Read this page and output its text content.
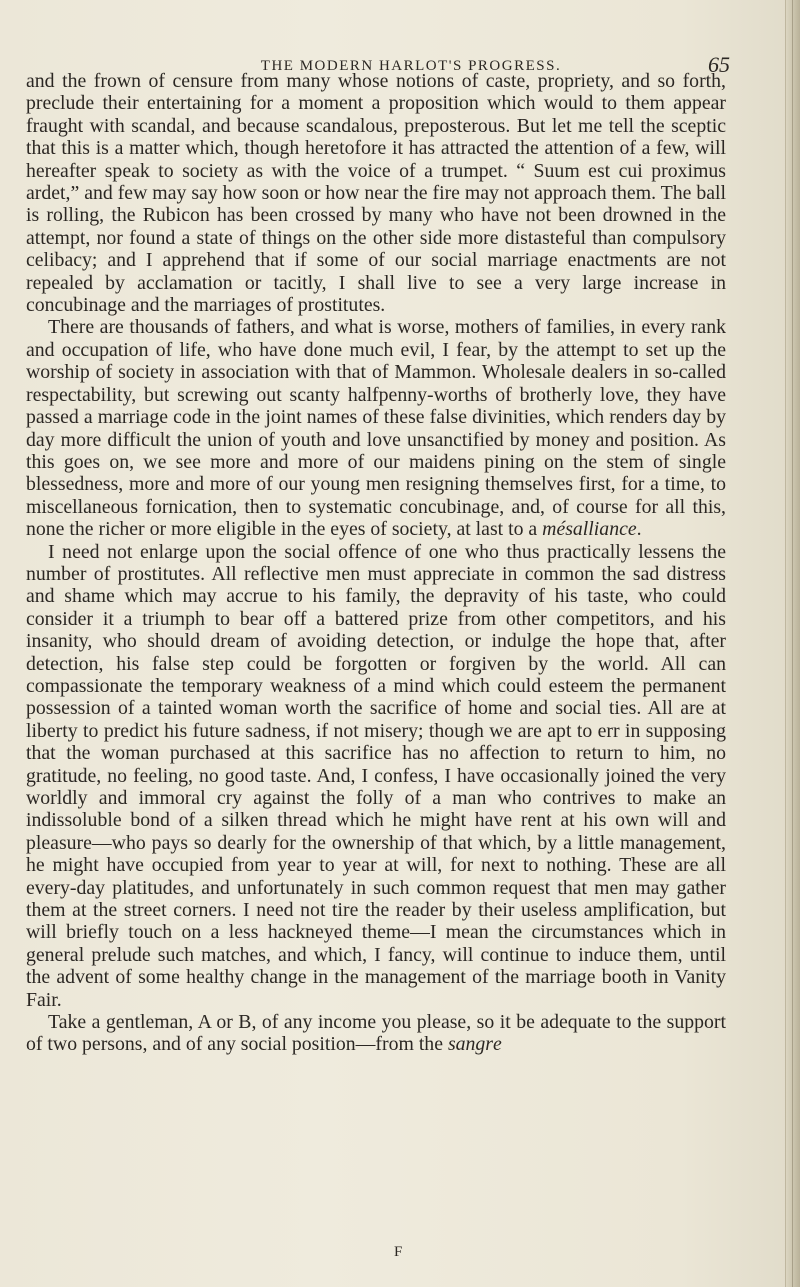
THE MODERN HARLOT'S PROGRESS.	65

and the frown of censure from many whose notions of caste, propriety, and so forth, preclude their entertaining for a moment a proposition which would to them appear fraught with scandal, and because scandalous, preposterous. But let me tell the sceptic that this is a matter which, though heretofore it has attracted the attention of a few, will hereafter speak to society as with the voice of a trumpet. “ Suum est cui proximus ardet,” and few may say how soon or how near the fire may not approach them. The ball is rolling, the Rubicon has been crossed by many who have not been drowned in the attempt, nor found a state of things on the other side more distasteful than compulsory celibacy; and I apprehend that if some of our social marriage enactments are not repealed by acclamation or tacitly, I shall live to see a very large increase in concubinage and the marriages of prostitutes.

There are thousands of fathers, and what is worse, mothers of families, in every rank and occupation of life, who have done much evil, I fear, by the attempt to set up the worship of society in association with that of Mammon. Wholesale dealers in so-called respectability, but screwing out scanty halfpenny-worths of brotherly love, they have passed a marriage code in the joint names of these false divinities, which renders day by day more difficult the union of youth and love unsanctified by money and position. As this goes on, we see more and more of our maidens pining on the stem of single blessedness, more and more of our young men resigning themselves first, for a time, to miscellaneous fornication, then to systematic concubinage, and, of course for all this, none the richer or more eligible in the eyes of society, at last to a mésalliance.

I need not enlarge upon the social offence of one who thus practically lessens the number of prostitutes. All reflective men must appreciate in common the sad distress and shame which may accrue to his family, the depravity of his taste, who could consider it a triumph to bear off a battered prize from other competitors, and his insanity, who should dream of avoiding detection, or indulge the hope that, after detection, his false step could be forgotten or forgiven by the world. All can compassionate the temporary weakness of a mind which could esteem the permanent possession of a tainted woman worth the sacrifice of home and social ties. All are at liberty to predict his future sadness, if not misery; though we are apt to err in supposing that the woman purchased at this sacrifice has no affection to return to him, no gratitude, no feeling, no good taste. And, I confess, I have occasionally joined the very worldly and immoral cry against the folly of a man who contrives to make an indissoluble bond of a silken thread which he might have rent at his own will and pleasure—who pays so dearly for the ownership of that which, by a little management, he might have occupied from year to year at will, for next to nothing. These are all every-day platitudes, and unfortunately in such common request that men may gather them at the street corners. I need not tire the reader by their useless amplification, but will briefly touch on a less hackneyed theme—I mean the circumstances which in general prelude such matches, and which, I fancy, will continue to induce them, until the advent of some healthy change in the management of the marriage booth in Vanity Fair.

Take a gentleman, A or B, of any income you please, so it be adequate to the support of two persons, and of any social position—from the sangrе

F
